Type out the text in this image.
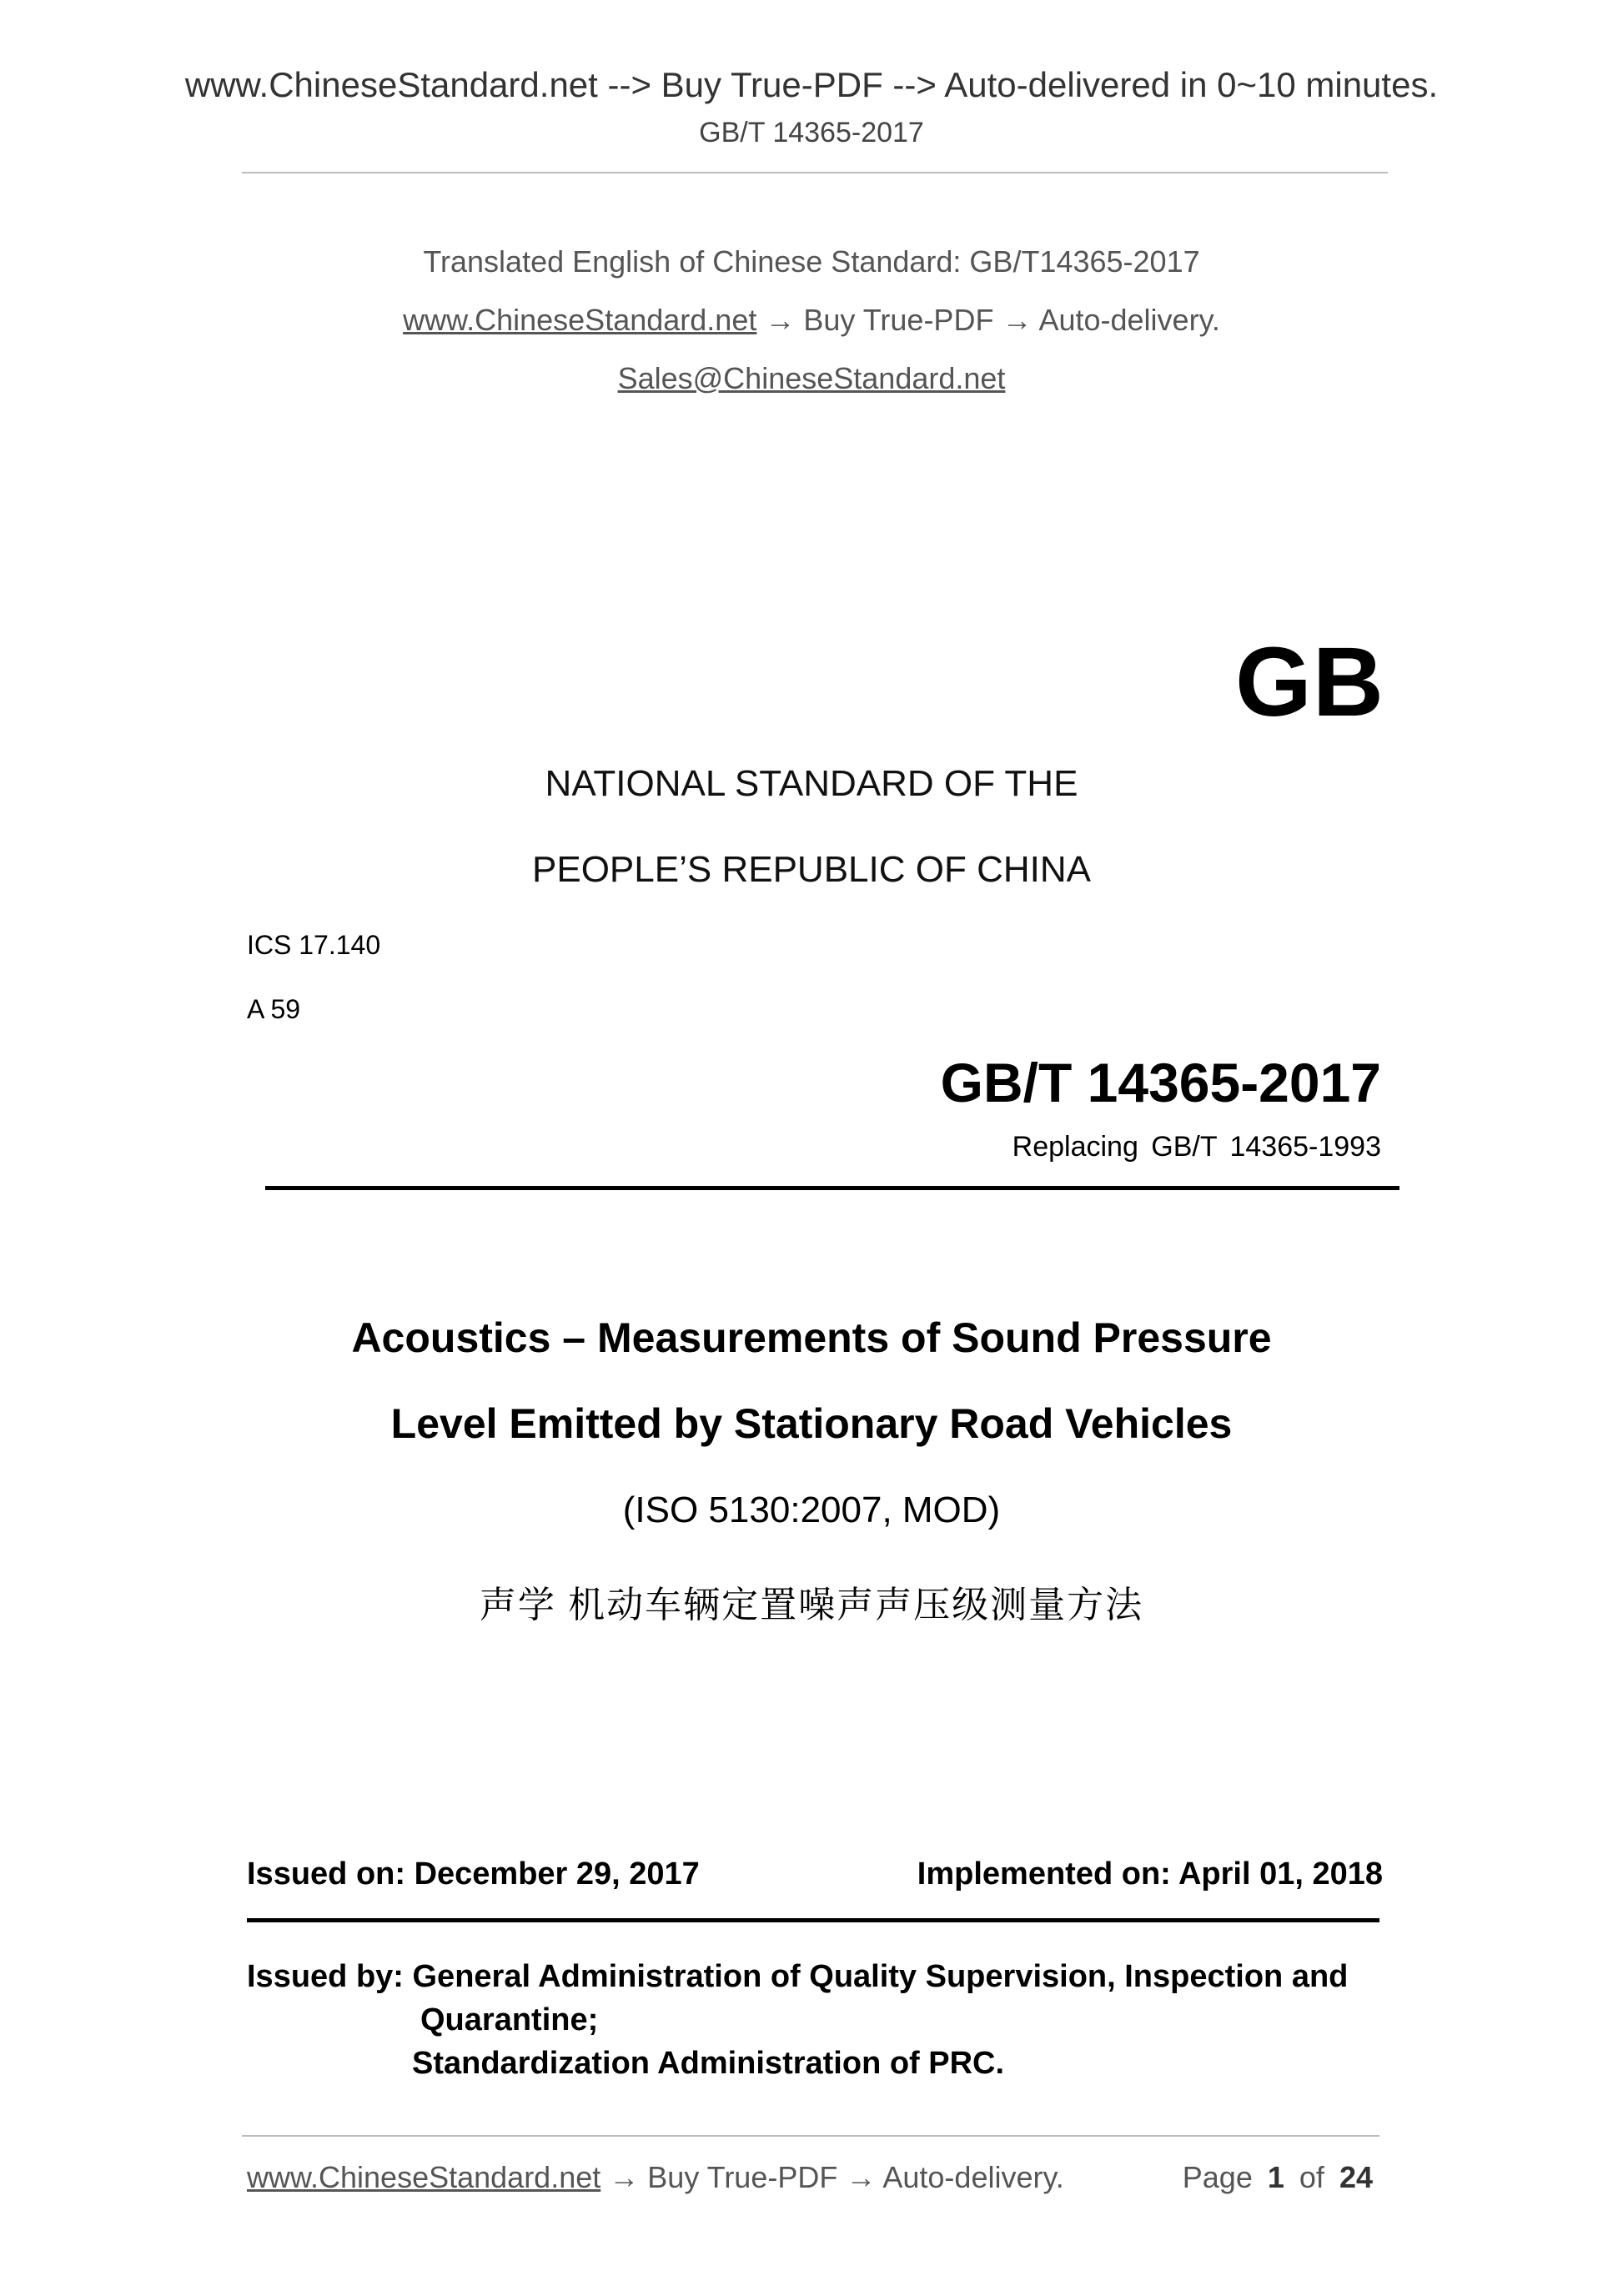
www.ChineseStandard.net --> Buy True-PDF --> Auto-delivered in 0~10 minutes.
GB/T 14365-2017
Translated English of Chinese Standard: GB/T14365-2017
www.ChineseStandard.net → Buy True-PDF → Auto-delivery.
Sales@ChineseStandard.net
GB
NATIONAL STANDARD OF THE
PEOPLE’S REPUBLIC OF CHINA
ICS 17.140
A 59
GB/T 14365-2017
Replacing GB/T 14365-1993
Acoustics – Measurements of Sound Pressure
Level Emitted by Stationary Road Vehicles
(ISO 5130:2007, MOD)
声学 机动车辆定置噪声声压级测量方法
Issued on: December 29, 2017	Implemented on: April 01, 2018
Issued by: General Administration of Quality Supervision, Inspection and
Quarantine;
Standardization Administration of PRC.
www.ChineseStandard.net → Buy True-PDF → Auto-delivery.	Page 1 of 24
